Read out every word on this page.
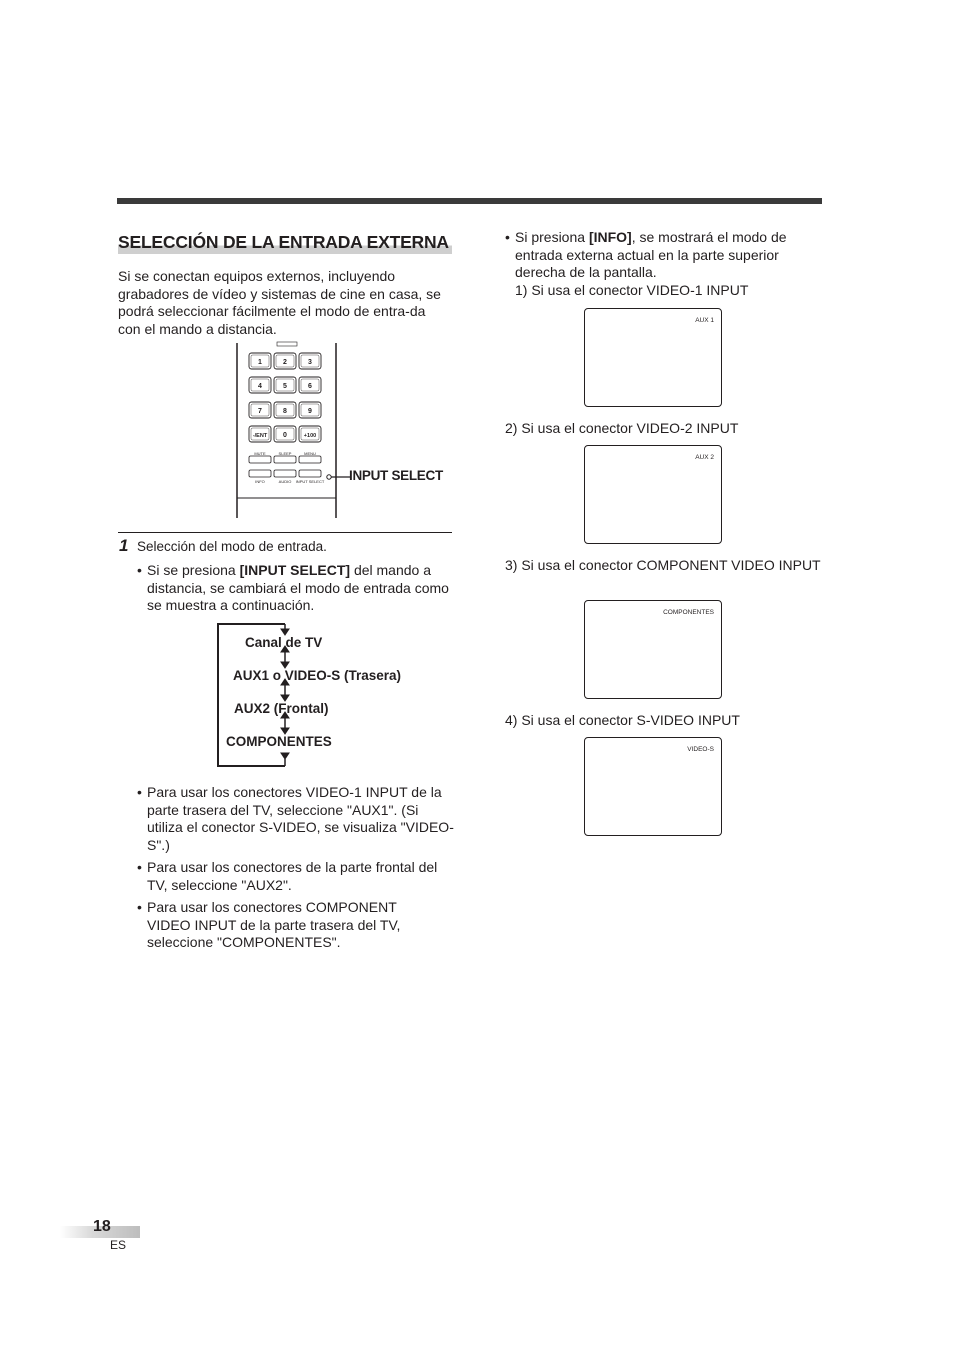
SELECCIÓN DE LA ENTRADA EXTERNA
Si se conectan equipos externos, incluyendo grabadores de vídeo y sistemas de cine en casa, se podrá seleccionar fácilmente el modo de entra-da con el mando a distancia.
1	2	3
4	5	6
7	8	9
-/ENT 0	+100
MUTE	SLEEP	MENU
INFO	AUDIO INPUT SELECT INPUT SELECT
1 Selección del modo de entrada.
• Si se presiona [INPUT SELECT] del mando a distancia, se cambiará el modo de entrada como se muestra a continuación.
Canal de TV
AUX1 o VIDEO-S (Trasera)
AUX2 (Frontal)
COMPONENTES
• Para usar los conectores VIDEO-1 INPUT de la parte trasera del TV, seleccione "AUX1". (Si utiliza el conector S-VIDEO, se visualiza "VIDEO-S".)
• Para usar los conectores de la parte frontal del TV, seleccione "AUX2".
• Para usar los conectores COMPONENT VIDEO INPUT de la parte trasera del TV, seleccione "COMPONENTES".
• Si presiona [INFO], se mostrará el modo de entrada externa actual en la parte superior derecha de la pantalla.
1) Si usa el conector VIDEO-1 INPUT
AUX 1
2) Si usa el conector VIDEO-2 INPUT
AUX 2
3) Si usa el conector COMPONENT VIDEO INPUT
COMPONENTES
4) Si usa el conector S-VIDEO INPUT
VIDEO-S
18
ES
